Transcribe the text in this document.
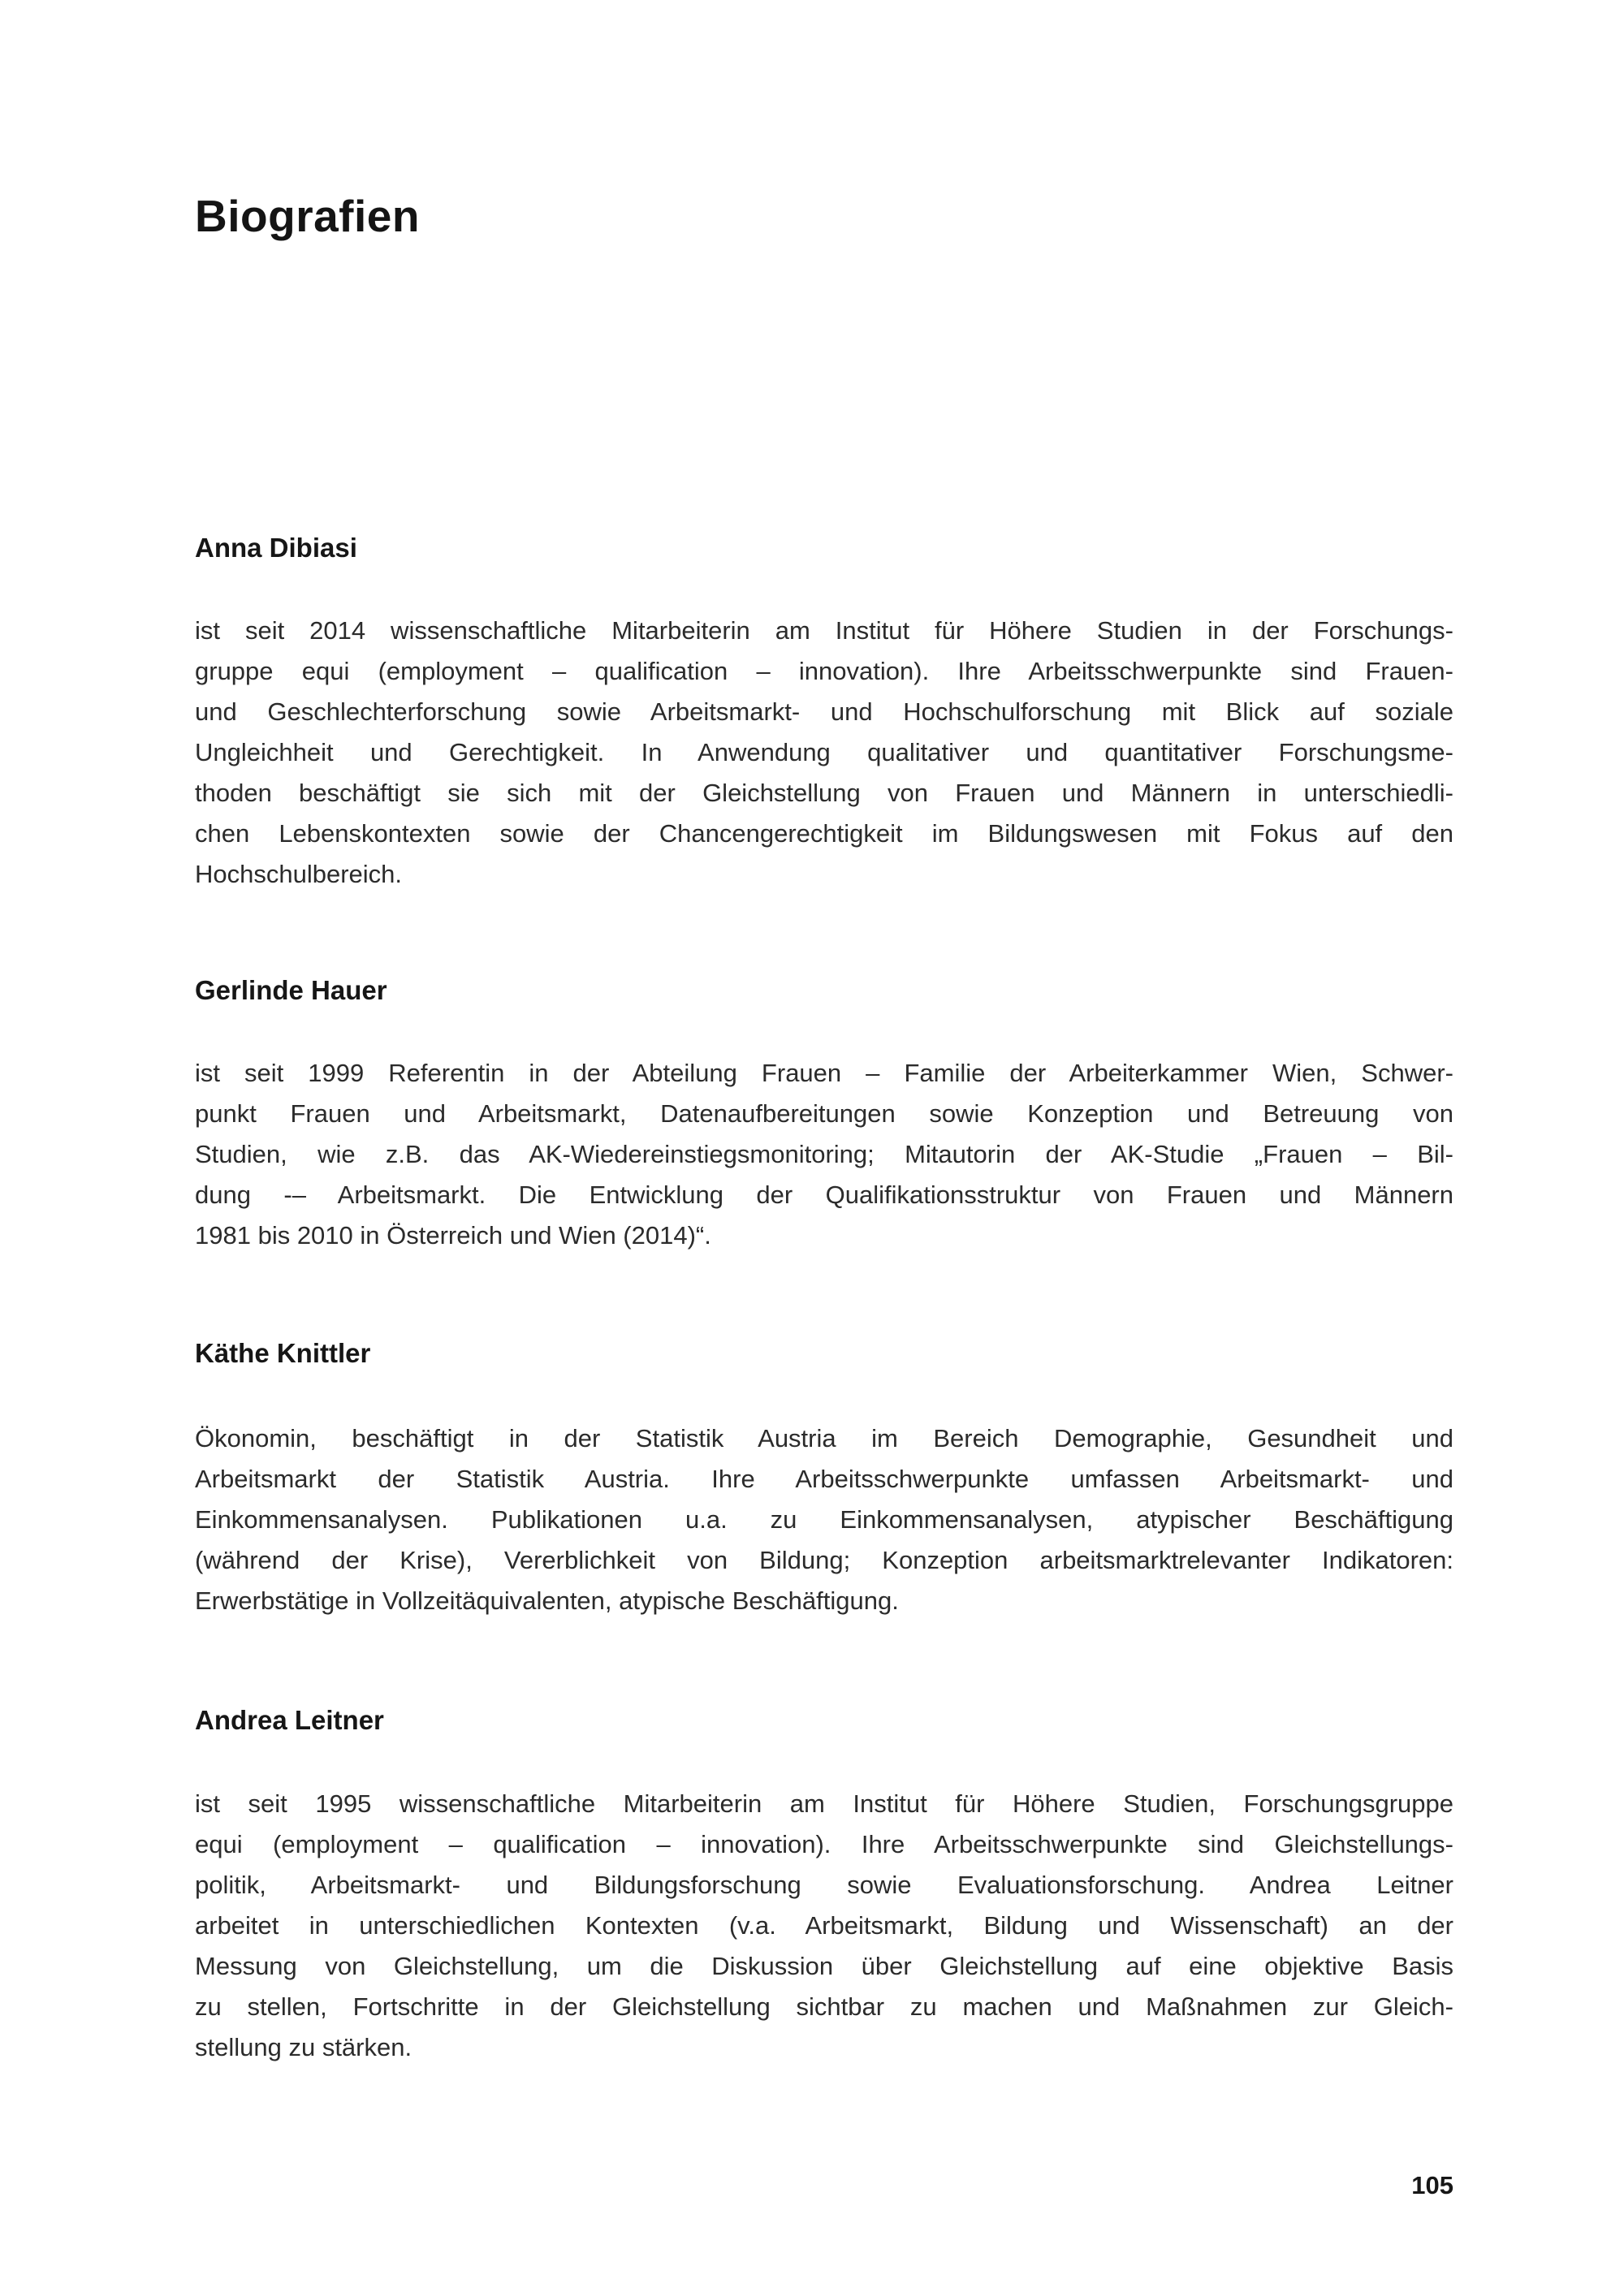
Biografien
Anna Dibiasi
ist seit 2014 wissenschaftliche Mitarbeiterin am Institut für Höhere Studien in der Forschungs-
gruppe equi (employment – qualification – innovation). Ihre Arbeitsschwerpunkte sind Frauen-
und Geschlechterforschung sowie Arbeitsmarkt- und Hochschulforschung mit Blick auf soziale
Ungleichheit und Gerechtigkeit. In Anwendung qualitativer und quantitativer Forschungsme-
thoden beschäftigt sie sich mit der Gleichstellung von Frauen und Männern in unterschiedli-
chen Lebenskontexten sowie der Chancengerechtigkeit im Bildungswesen mit Fokus auf den
Hochschulbereich.
Gerlinde Hauer
ist seit 1999 Referentin in der Abteilung Frauen – Familie der Arbeiterkammer Wien, Schwer-
punkt Frauen und Arbeitsmarkt, Datenaufbereitungen sowie Konzeption und Betreuung von
Studien, wie z.B. das AK-Wiedereinstiegsmonitoring; Mitautorin der AK-Studie „Frauen – Bil-
dung -– Arbeitsmarkt. Die Entwicklung der Qualifikationsstruktur von Frauen und Männern
1981 bis 2010 in Österreich und Wien (2014)“.
Käthe Knittler
Ökonomin, beschäftigt in der Statistik Austria im Bereich Demographie, Gesundheit und
Arbeitsmarkt der Statistik Austria. Ihre Arbeitsschwerpunkte umfassen Arbeitsmarkt- und
Einkommensanalysen. Publikationen u.a. zu Einkommensanalysen, atypischer Beschäftigung
(während der Krise), Vererblichkeit von Bildung; Konzeption arbeitsmarktrelevanter Indikatoren:
Erwerbstätige in Vollzeitäquivalenten, atypische Beschäftigung.
Andrea Leitner
ist seit 1995 wissenschaftliche Mitarbeiterin am Institut für Höhere Studien, Forschungsgruppe
equi (employment – qualification – innovation). Ihre Arbeitsschwerpunkte sind Gleichstellungs-
politik, Arbeitsmarkt- und Bildungsforschung sowie Evaluationsforschung. Andrea Leitner
arbeitet in unterschiedlichen Kontexten (v.a. Arbeitsmarkt, Bildung und Wissenschaft) an der
Messung von Gleichstellung, um die Diskussion über Gleichstellung auf eine objektive Basis
zu stellen, Fortschritte in der Gleichstellung sichtbar zu machen und Maßnahmen zur Gleich-
stellung zu stärken.
105
